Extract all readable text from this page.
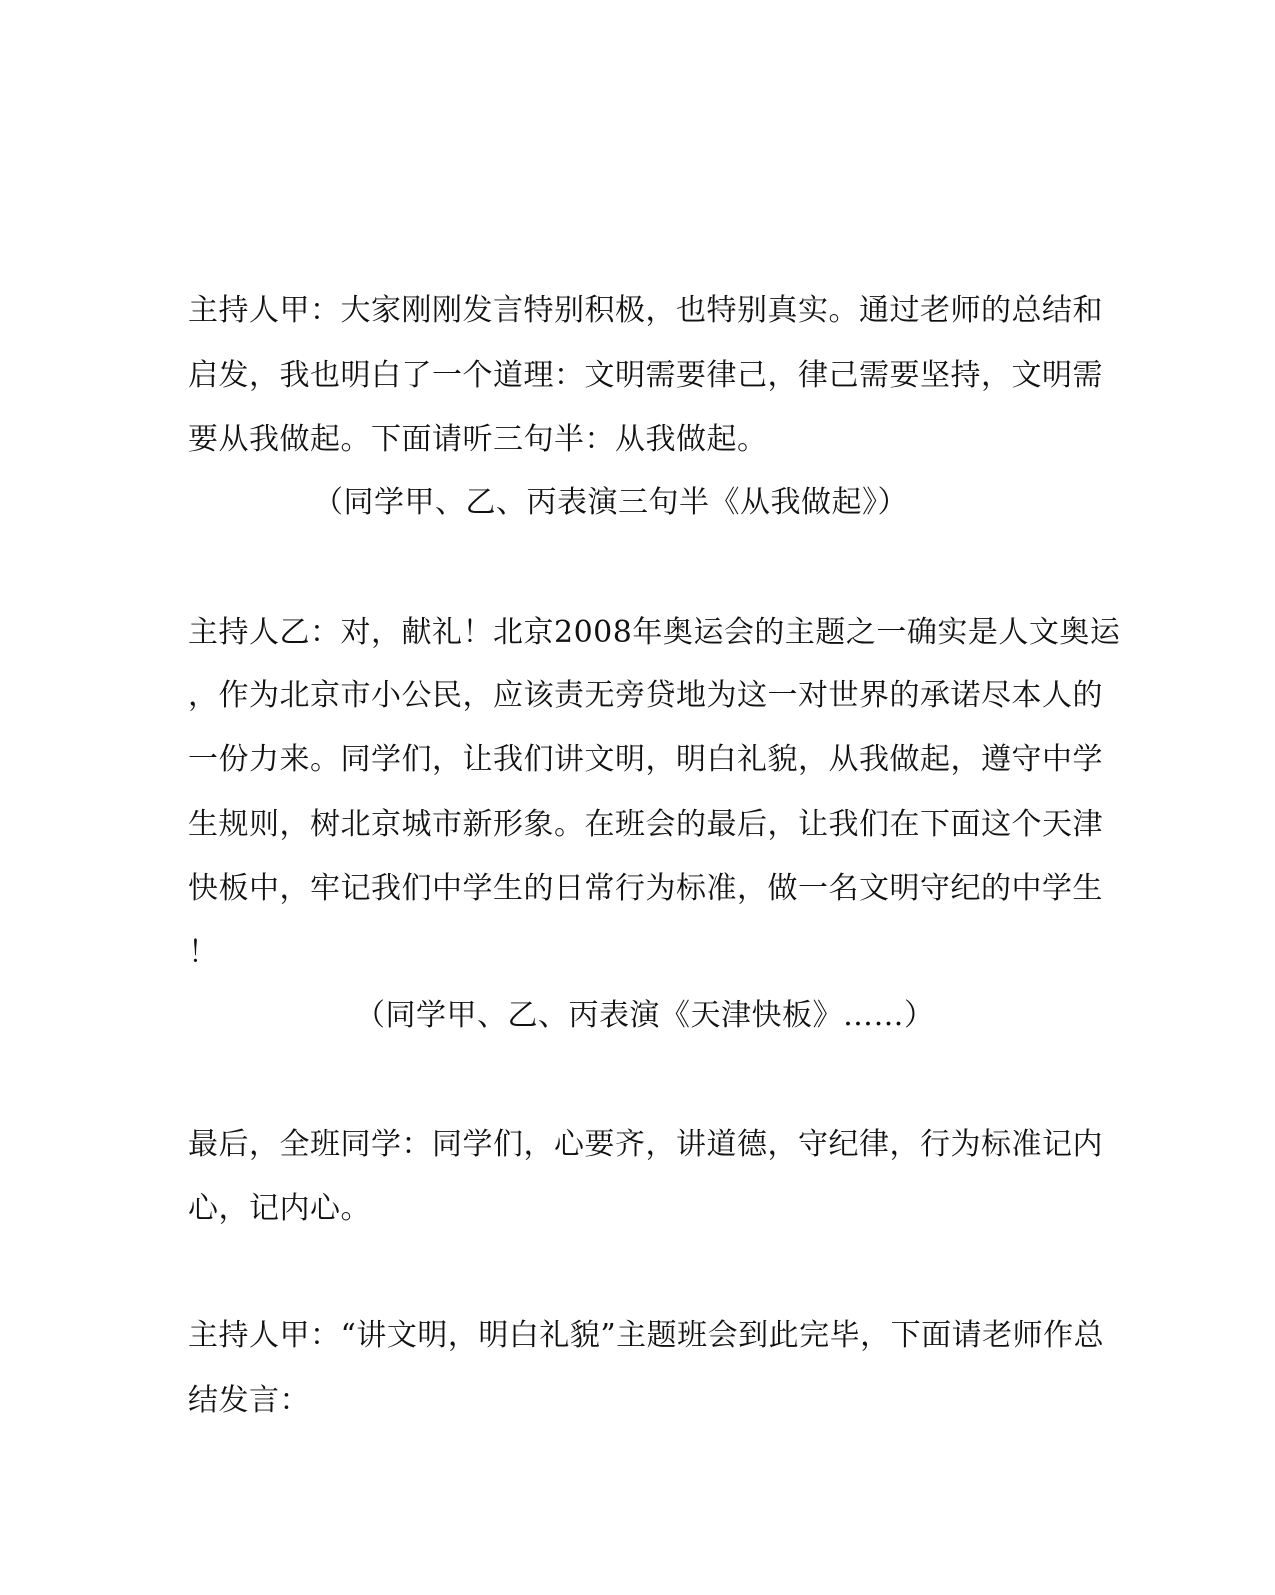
主持人甲：大家刚刚发言特别积极，也特别真实。通过老师的总结和
启发，我也明白了一个道理：文明需要律己，律己需要坚持，文明需
要从我做起。下面请听三句半：从我做起。
（同学甲、乙、丙表演三句半《从我做起》）
主持人乙：对，献礼！北京2008年奥运会的主题之一确实是人文奥运
，作为北京市小公民，应该责无旁贷地为这一对世界的承诺尽本人的
一份力来。同学们，让我们讲文明，明白礼貌，从我做起，遵守中学
生规则，树北京城市新形象。在班会的最后，让我们在下面这个天津
快板中，牢记我们中学生的日常行为标准，做一名文明守纪的中学生
！
（同学甲、乙、丙表演《天津快板》……）
最后，全班同学：同学们，心要齐，讲道德，守纪律，行为标准记内
心，记内心。
主持人甲：“讲文明，明白礼貌”主题班会到此完毕，下面请老师作总
结发言：
